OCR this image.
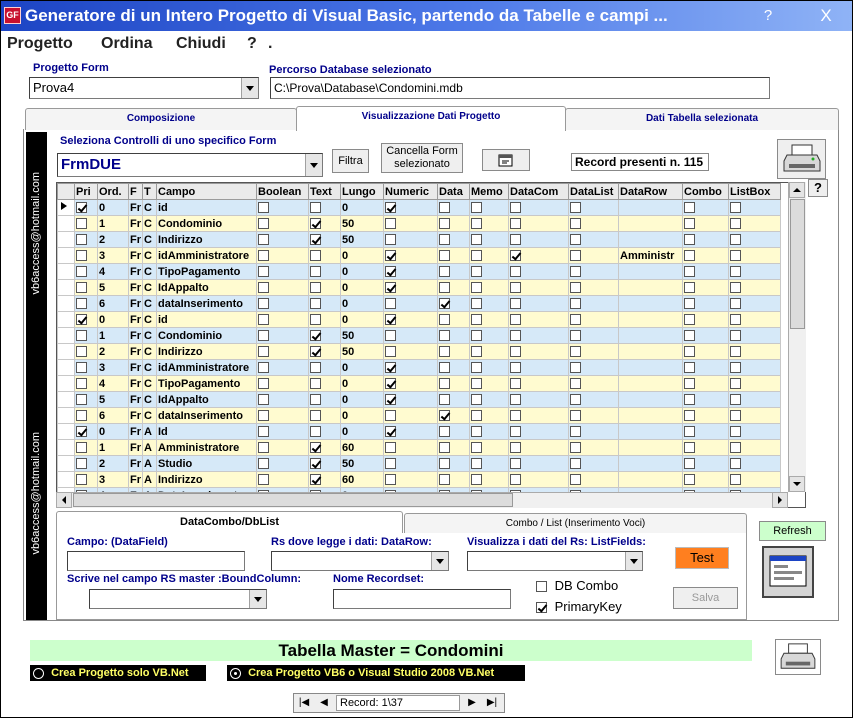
GF Generatore di un Intero Progetto di Visual Basic, partendo da Tabelle e campi ...	?	X
Progetto Ordina Chiudi ? .
Progetto Form
Prova4
Percorso Database selezionato
C:\Prova\Database\Condomini.mdb
Composizione	Visualizzazione Dati Progetto	Dati Tabella selezionata
vb6access@hotmail.com
vb6access@hotmail.com
Seleziona Controlli di uno specifico Form
FrmDUE	Filtra
Cancella Form
selezionato	Record presenti n. 115
?
	Pri	Ord.	F	T	Campo	Boolean	Text	Lungo	Numeric	Data	Memo	DataCom	DataList	DataRow	Combo	ListBox
		0	Fr	C	id			0								
		1	Fr	C	Condominio			50								
		2	Fr	C	Indirizzo			50								
		3	Fr	C	idAmministratore			0						Amministr		
		4	Fr	C	TipoPagamento			0								
		5	Fr	C	IdAppalto			0								
		6	Fr	C	dataInserimento			0								
		0	Fr	C	id			0								
		1	Fr	C	Condominio			50								
		2	Fr	C	Indirizzo			50								
		3	Fr	C	idAmministratore			0								
		4	Fr	C	TipoPagamento			0								
		5	Fr	C	IdAppalto			0								
		6	Fr	C	dataInserimento			0								
		0	Fr	A	Id			0								
		1	Fr	A	Amministratore			60								
		2	Fr	A	Studio			50								
		3	Fr	A	Indirizzo			60								

DataCombo/DbList	Combo / List (Inserimento Voci)
Campo: (DataField)	Rs dove legge i dati: DataRow:	Visualizza i dati del Rs: ListFields:
Test
Scrive nel campo RS master :BoundColumn:	Nome Recordset:	DB Combo
PrimaryKey
Salva
Refresh
Tabella Master = Condomini
Crea Progetto solo VB.Net	Crea Progetto VB6 o Visual Studio 2008 VB.Net
|◀	◀	Record: 1\37	▶	▶|
